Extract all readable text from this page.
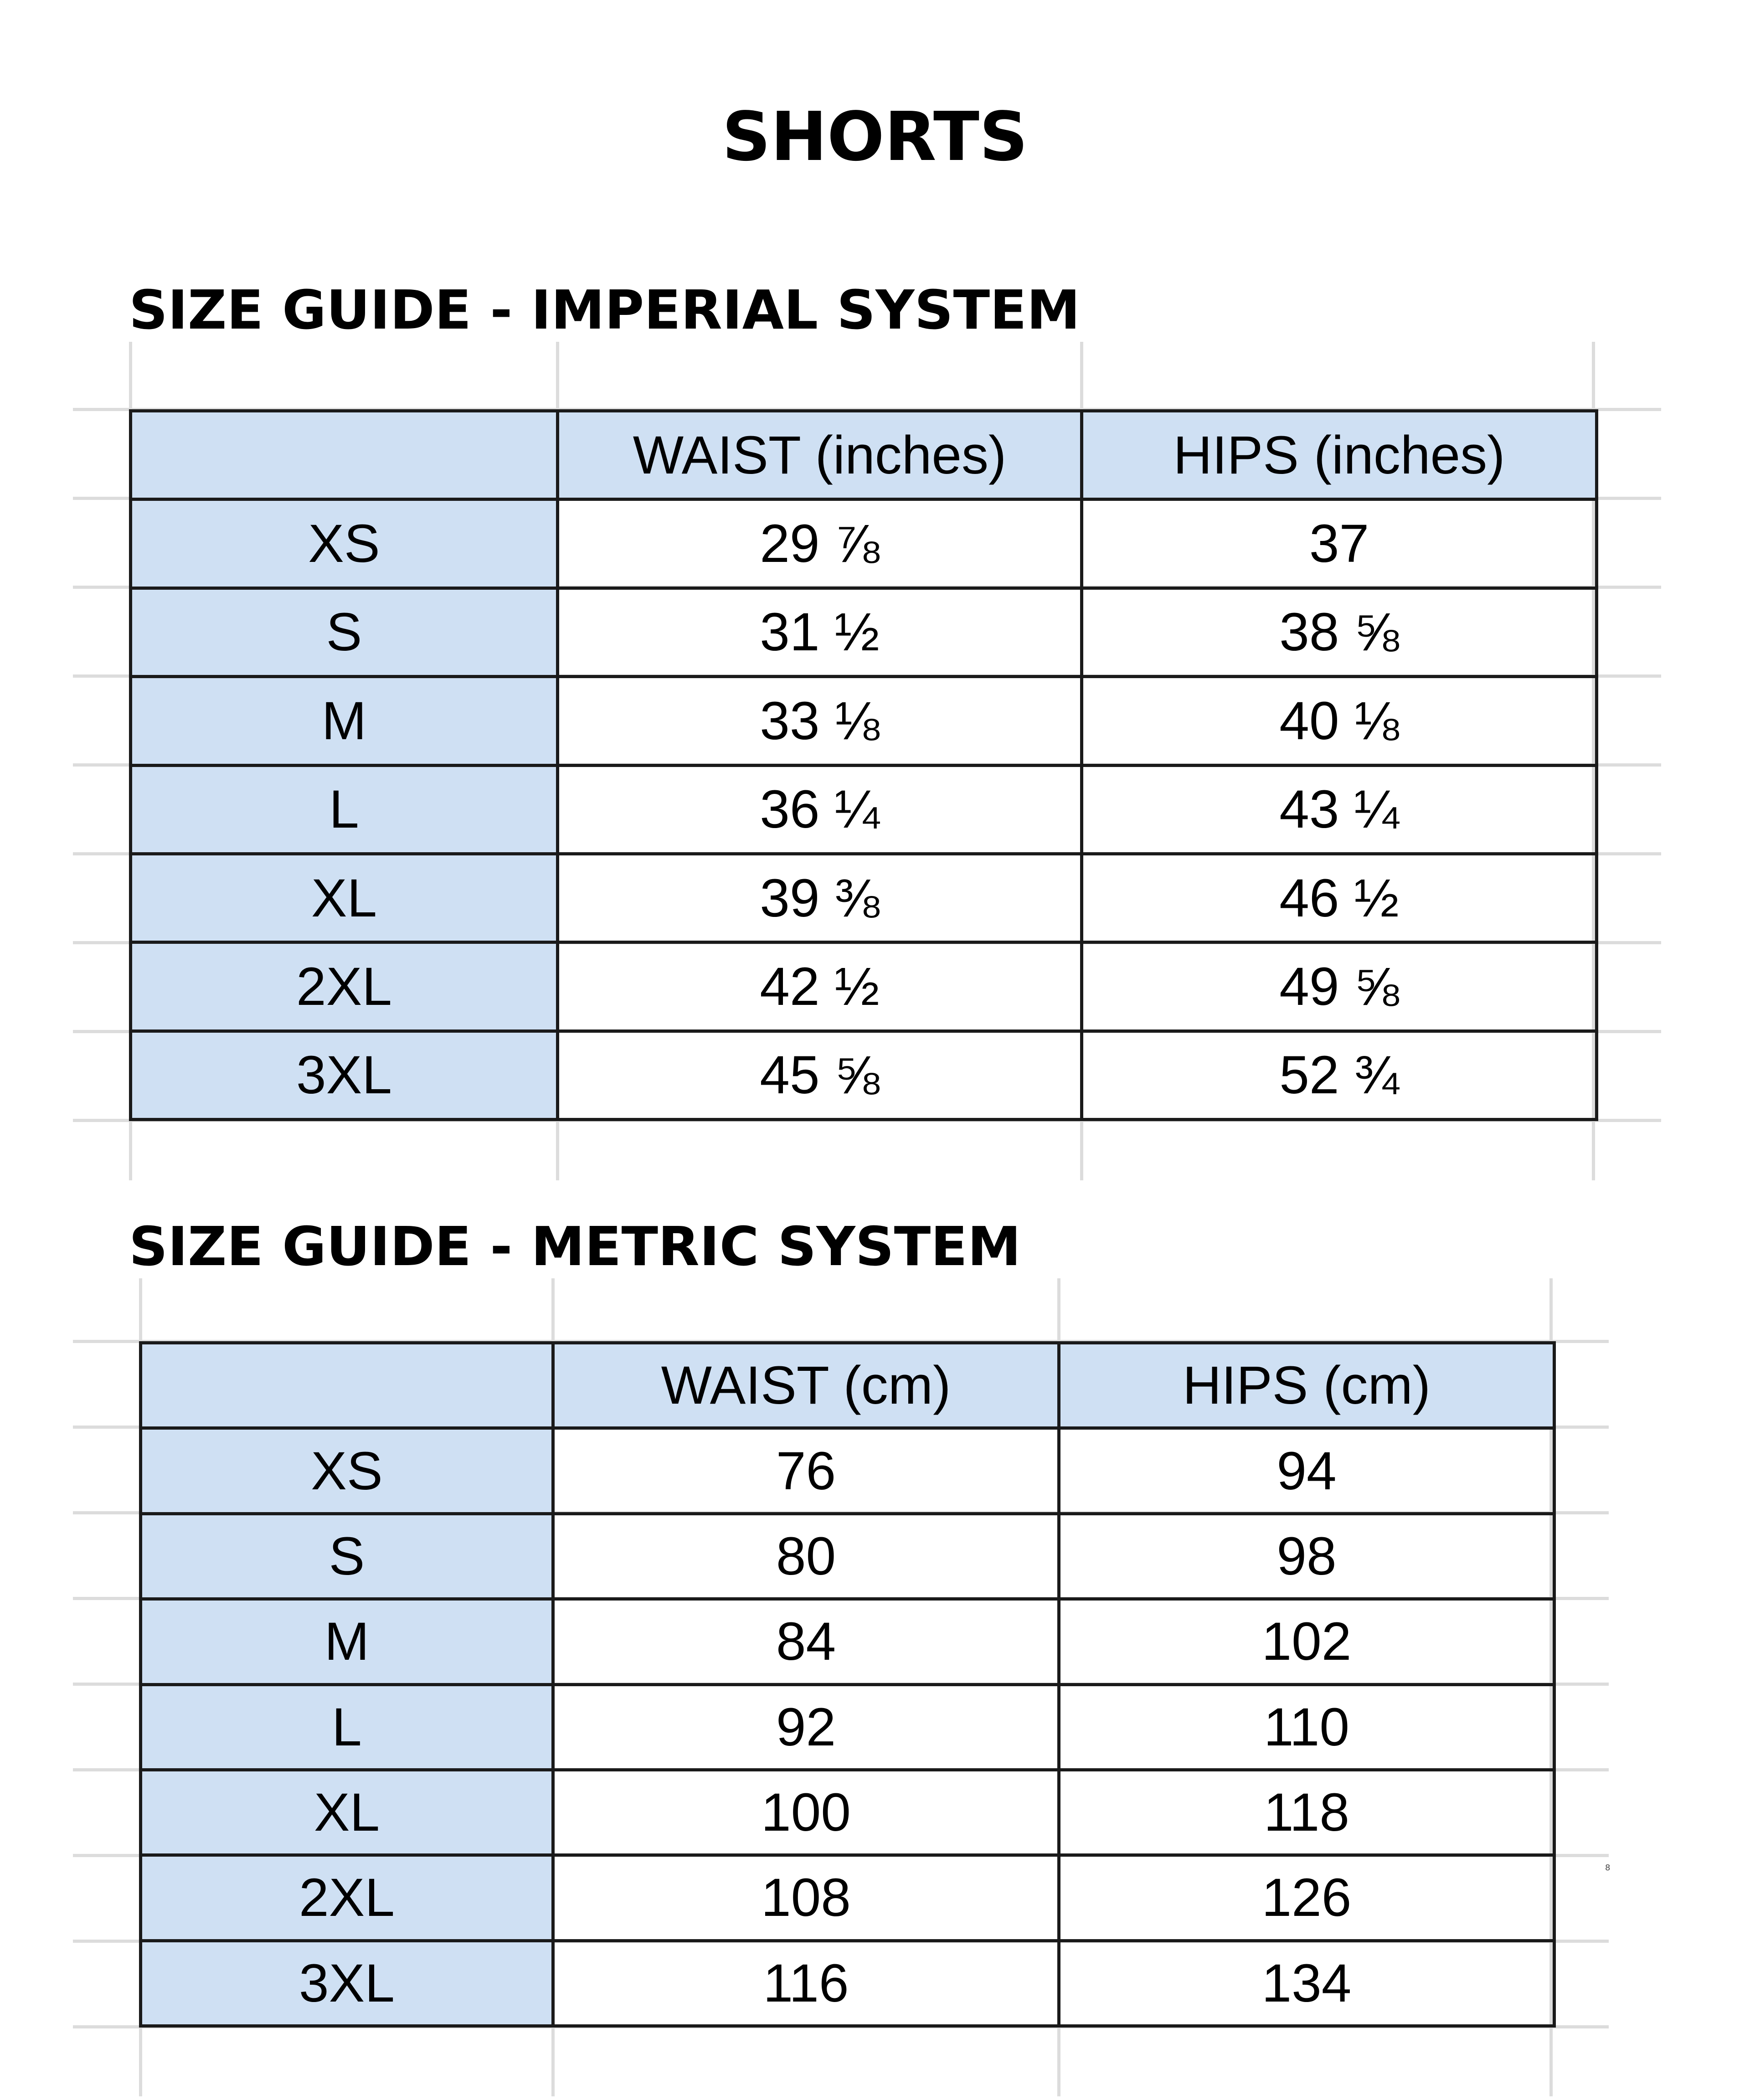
SHORTS
SIZE GUIDE - IMPERIAL SYSTEM
	WAIST (inches)	HIPS (inches)
XS	29 ⅞	37
S	31 ½	38 ⅝
M	33 ⅛	40 ⅛
L	36 ¼	43 ¼
XL	39 ⅜	46 ½
2XL	42 ½	49 ⅝
3XL	45 ⅝	52 ¾
SIZE GUIDE - METRIC SYSTEM
	WAIST (cm)	HIPS (cm)
XS	76	94
S	80	98
M	84	102
L	92	110
XL	100	118
2XL	108	126
3XL	116	134
8
